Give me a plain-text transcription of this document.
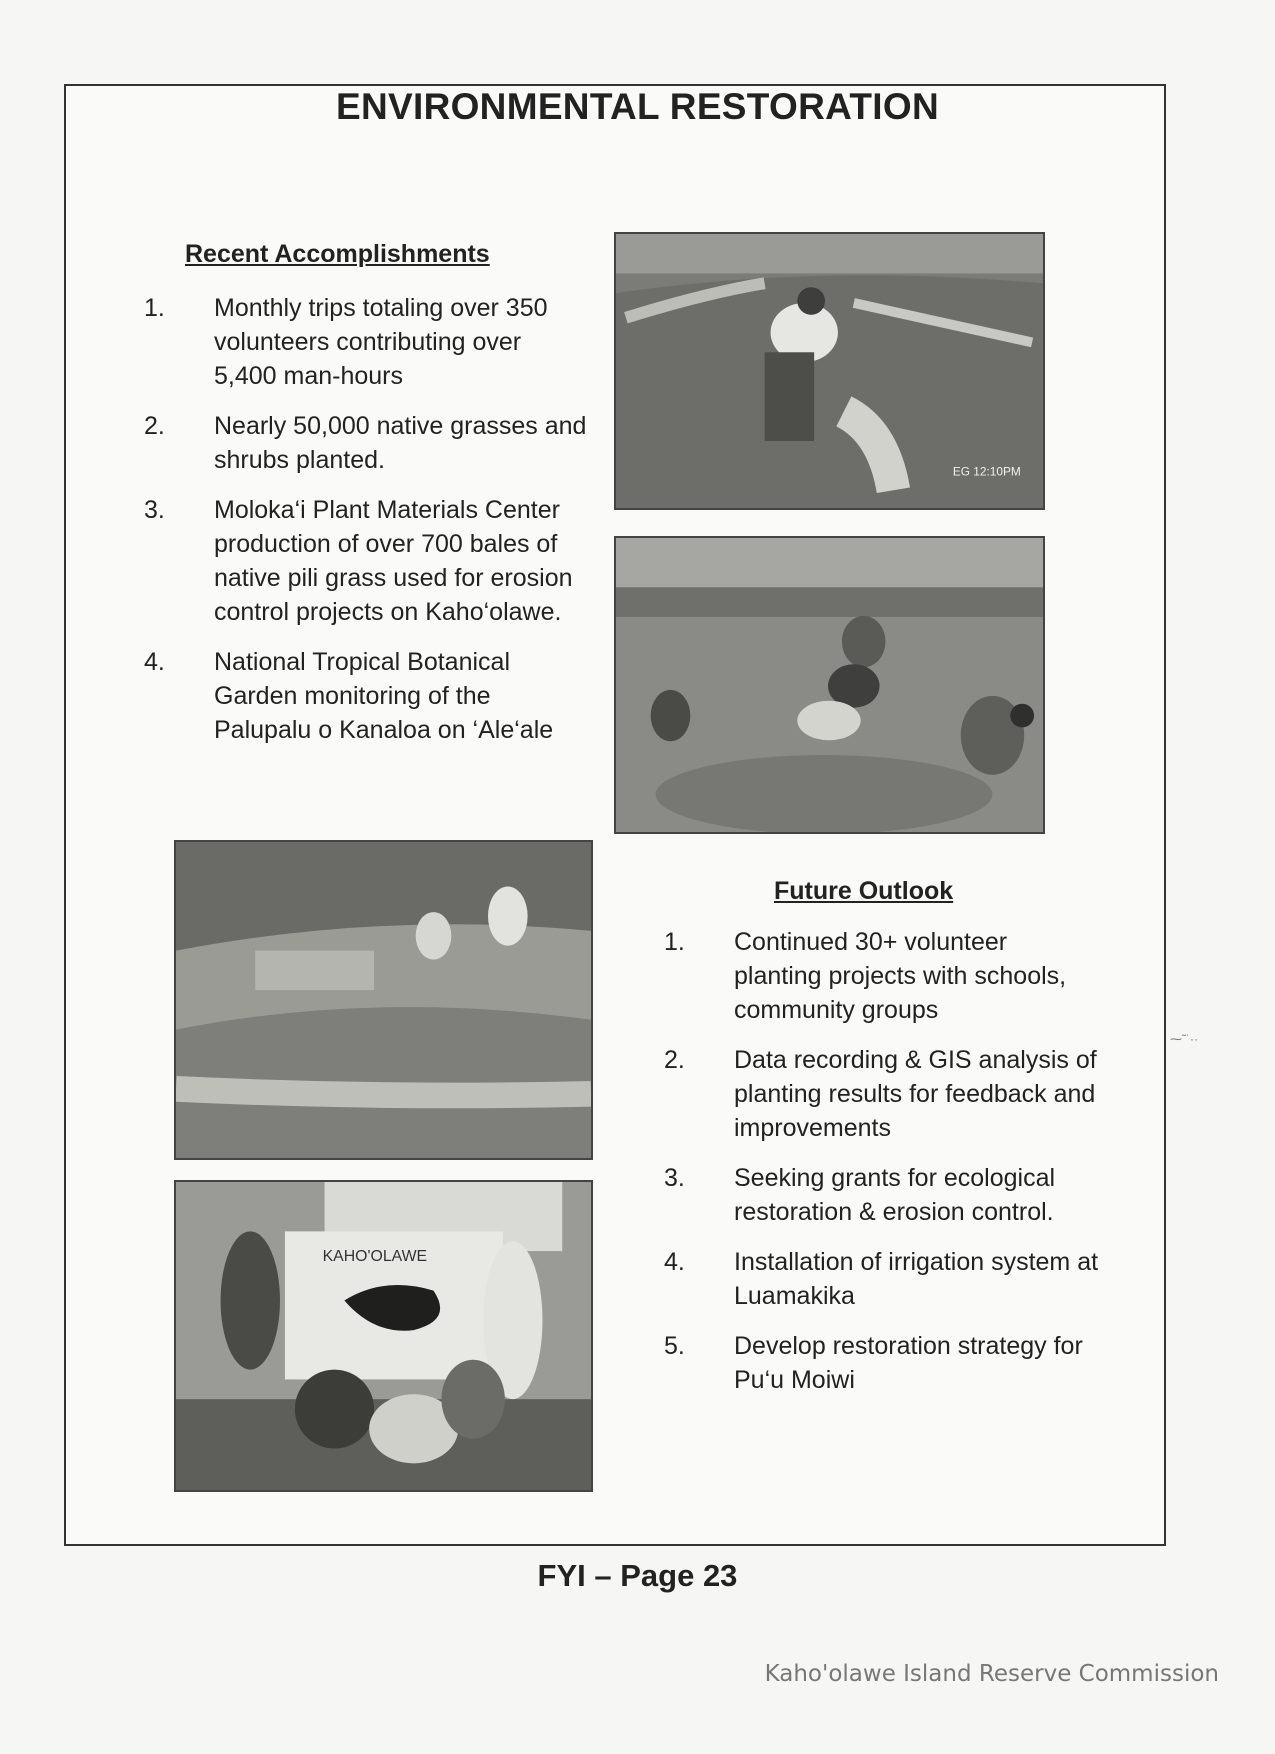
ENVIRONMENTAL RESTORATION

Recent Accomplishments

1. Monthly trips totaling over 350 volunteers contributing over 5,400 man-hours
2. Nearly 50,000 native grasses and shrubs planted.
3. Moloka‘i Plant Materials Center production of over 700 bales of native pili grass used for erosion control projects on Kaho‘olawe.
4. National Tropical Botanical Garden monitoring of the Palupalu o Kanaloa on ‘Ale‘ale
EG 12:10PM
KAHO'OLAWE

Future Outlook

1. Continued 30+ volunteer planting projects with schools, community groups
2. Data recording & GIS analysis of planting results for feedback and improvements
3. Seeking grants for ecological restoration & erosion control.
4. Installation of irrigation system at Luamakika
5. Develop restoration strategy for Pu‘u Moiwi
⁓˜˙··

FYI – Page 23

Kaho'olawe Island Reserve Commission
